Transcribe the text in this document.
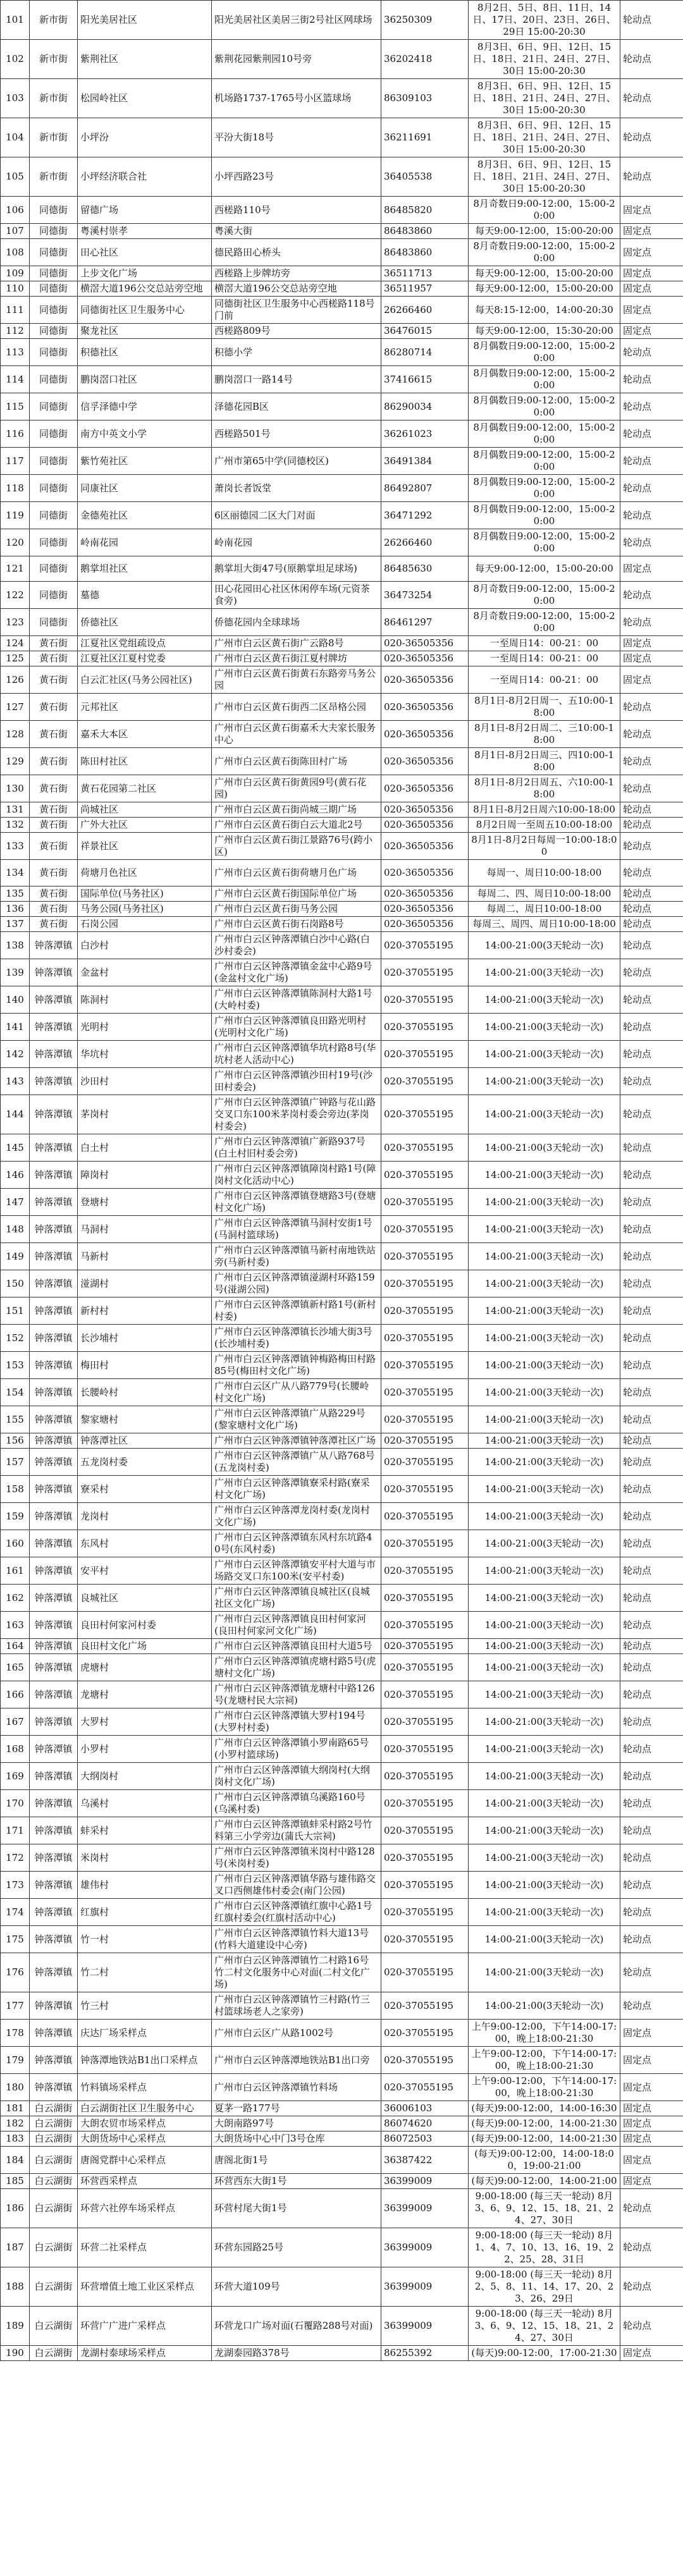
101	新市街	阳光美居社区	阳光美居社区美居三街2号社区网球场	36250309	8月2日、5日、8日、11日、14日、17日、20日、23日、26日、29日 15:00-20:30	轮动点
102	新市街	紫荆社区	紫荆花园紫荆园10号旁	36202418	8月3日、6日、9日、12日、15日、18日、21日、24日、27日、30日 15:00-20:30	轮动点
103	新市街	松园岭社区	机场路1737-1765号小区篮球场	86309103	8月3日、6日、9日、12日、15日、18日、21日、24日、27日、30日 15:00-20:30	轮动点
104	新市街	小坪汾	平汾大街18号	36211691	8月3日、6日、9日、12日、15日、18日、21日、24日、27日、30日 15:00-20:30	轮动点
105	新市街	小坪经济联合社	小坪西路23号	36405538	8月3日、6日、9日、12日、15日、18日、21日、24日、27日、30日 15:00-20:30	轮动点
106	同德街	留德广场	西槎路110号	86485820	8月奇数日9:00-12:00，15:00-20:00	固定点
107	同德街	粤溪村崇孝	粤溪大街	86483860	每天9:00-12:00，15:00-20:00	固定点
108	同德街	田心社区	德民路田心桥头	86483860	8月奇数日9:00-12:00，15:00-20:00	固定点
109	同德街	上步文化广场	西槎路上步牌坊旁	36511713	每天9:00-12:00，15:00-20:00	固定点
110	同德街	横滘大道196公交总站旁空地	横滘大道196公交总站旁空地	36511957	每天9:00-12:00，15:00-20:00	固定点
111	同德街	同德街社区卫生服务中心	同德街社区卫生服务中心西槎路118号门前	26266460	每天8:15-12:00，14:00-20:30	固定点
112	同德街	聚龙社区	西槎路809号	36476015	每天9:00-12:00，15:30-20:00	固定点
113	同德街	积德社区	积德小学	86280714	8月偶数日9:00-12:00，15:00-20:00	轮动点
114	同德街	鹏岗滘口社区	鹏岗滘口一路14号	37416615	8月偶数日9:00-12:00，15:00-20:00	轮动点
115	同德街	信孚泽德中学	泽德花园B区	86290034	8月偶数日9:00-12:00，15:00-20:00	轮动点
116	同德街	南方中英文小学	西槎路501号	36261023	8月偶数日9:00-12:00，15:00-20:00	轮动点
117	同德街	紫竹苑社区	广州市第65中学(同德校区)	36491384	8月偶数日9:00-12:00，15:00-20:00	轮动点
118	同德街	同康社区	萧岗长者饭堂	86492807	8月偶数日9:00-12:00，15:00-20:00	轮动点
119	同德街	金德苑社区	6区丽德园二区大门对面	36471292	8月偶数日9:00-12:00，15:00-20:00	轮动点
120	同德街	岭南花园	岭南花园	26266460	8月偶数日9:00-12:00，15:00-20:00	轮动点
121	同德街	鹅掌坦社区	鹅掌坦大街47号(原鹅掌坦足球场)	86485630	每天9:00-12:00，15:00-20:00	固定点
122	同德街	墓德	田心花园田心社区休闲停车场(元资茶食旁)	36473254	8月奇数日9:00-12:00，15:00-20:00	轮动点
123	同德街	侨德社区	侨德花园内全球球场	86461297	8月奇数日9:00-12:00，15:00-20:00	轮动点
124	黄石街	江夏社区党组疏设点	广州市白云区黄石街广云路8号	020-36505356	一至周日14：00-21：00	固定点
125	黄石街	江夏社区江夏村党委	广州市白云区黄石街江夏村牌坊	020-36505356	一至周日14：00-21：00	固定点
126	黄石街	白云汇社区(马务公园社区)	广州市白云区黄石街黄石东路旁马务公园	020-36505356	一至周日14：00-21：00	固定点
127	黄石街	元邦社区	广州市白云区黄石街西二区昂格公园	020-36505356	8月1日-8月2日周一、五10:00-18:00	轮动点
128	黄石街	嘉禾大本区	广州市白云区黄石街嘉禾大夫家长服务中心	020-36505356	8月1日-8月2日周二、三10:00-18:00	轮动点
129	黄石街	陈田村社区	广州市白云区黄石街陈田村广场	020-36505356	8月1日-8月2日周三、四10:00-18:00	轮动点
130	黄石街	黄石花园第二社区	广州市白云区黄石街黄园9号(黄石花园)	020-36505356	8月1日-8月2日周五、六10:00-18:00	轮动点
131	黄石街	尚城社区	广州市白云区黄石街尚城三期广场	020-36505356	8月1日-8月2日周六10:00-18:00	轮动点
132	黄石街	广外大社区	广州市白云区黄石街白云大道北2号	020-36505356	8月2日周一至周五10:00-18:00	轮动点
133	黄石街	祥景社区	广州市白云区黄石街江景路76号(跨小区)	020-36505356	8月1日-8月2日每周一10:00-18:00	轮动点
134	黄石街	荷塘月色社区	广州市白云区黄石街荷塘月色广场	020-36505356	每周一、周日10:00-18:00	轮动点
135	黄石街	国际单位(马务社区)	广州市白云区黄石街国际单位广场	020-36505356	每周二、四、周日10:00-18:00	轮动点
136	黄石街	马务公园(马务社区)	广州市白云区黄石街马务公园	020-36505356	每周二、周日10:00-18:00	轮动点
137	黄石街	石岗公园	广州市白云区黄石街石岗路8号	020-36505356	每周三、周四、周日10:00-18:00	轮动点
138	钟落潭镇	白沙村	广州市白云区钟落潭镇白沙中心路(白沙村委会)	020-37055195	14:00-21:00(3天轮动一次)	轮动点
139	钟落潭镇	金盆村	广州市白云区钟落潭镇金盆中心路9号(金盆村文化广场)	020-37055195	14:00-21:00(3天轮动一次)	轮动点
140	钟落潭镇	陈洞村	广州市白云区钟落潭镇陈洞村大路1号(大岭村委)	020-37055195	14:00-21:00(3天轮动一次)	轮动点
141	钟落潭镇	光明村	广州市白云区钟落潭镇良田路光明村(光明村文化广场)	020-37055195	14:00-21:00(3天轮动一次)	轮动点
142	钟落潭镇	华坑村	广州市白云区钟落潭镇华坑村路8号(华坑村老人活动中心)	020-37055195	14:00-21:00(3天轮动一次)	轮动点
143	钟落潭镇	沙田村	广州市白云区钟落潭镇沙田村19号(沙田村委会)	020-37055195	14:00-21:00(3天轮动一次)	轮动点
144	钟落潭镇	茅岗村	广州市白云区钟落潭镇广钟路与花山路交叉口东100米茅岗村委会旁边(茅岗村委会)	020-37055195	14:00-21:00(3天轮动一次)	轮动点
145	钟落潭镇	白土村	广州市白云区钟落潭镇广新路937号(白土村旧村委会旁)	020-37055195	14:00-21:00(3天轮动一次)	轮动点
146	钟落潭镇	障岗村	广州市白云区钟落潭镇障岗村路1号(障岗村文化活动中心)	020-37055195	14:00-21:00(3天轮动一次)	轮动点
147	钟落潭镇	登塘村	广州市白云区钟落潭镇登塘路3号(登塘村文化广场)	020-37055195	14:00-21:00(3天轮动一次)	轮动点
148	钟落潭镇	马洞村	广州市白云区钟落潭镇马洞村安街1号(马洞村篮球场)	020-37055195	14:00-21:00(3天轮动一次)	轮动点
149	钟落潭镇	马新村	广州市白云区钟落潭镇马新村南地铁站旁(马新村委)	020-37055195	14:00-21:00(3天轮动一次)	轮动点
150	钟落潭镇	湴湖村	广州市白云区钟落潭镇湴湖村环路159号(湴湖公园)	020-37055195	14:00-21:00(3天轮动一次)	轮动点
151	钟落潭镇	新村村	广州市白云区钟落潭镇新村路1号(新村村委)	020-37055195	14:00-21:00(3天轮动一次)	轮动点
152	钟落潭镇	长沙埔村	广州市白云区钟落潭镇长沙埔大街3号(长沙埔村委)	020-37055195	14:00-21:00(3天轮动一次)	轮动点
153	钟落潭镇	梅田村	广州市白云区钟落潭镇钟梅路梅田村路85号(梅田村文化广场)	020-37055195	14:00-21:00(3天轮动一次)	轮动点
154	钟落潭镇	长腰岭村	广州市白云区广从八路779号(长腰岭村文化广场)	020-37055195	14:00-21:00(3天轮动一次)	轮动点
155	钟落潭镇	黎家塘村	广州市白云区钟落潭镇广从路229号(黎家塘村文化广场)	020-37055195	14:00-21:00(3天轮动一次)	轮动点
156	钟落潭镇	钟落潭社区	广州市白云区钟落潭镇钟落潭社区广场	020-37055195	14:00-21:00(3天轮动一次)	轮动点
157	钟落潭镇	五龙岗村委	广州市白云区钟落潭镇广从八路768号(五龙岗村委)	020-37055195	14:00-21:00(3天轮动一次)	轮动点
158	钟落潭镇	寮采村	广州市白云区钟落潭镇寮采村路(寮采村文化广场)	020-37055195	14:00-21:00(3天轮动一次)	轮动点
159	钟落潭镇	龙岗村	广州市白云区钟落潭龙岗村委(龙岗村文化广场)	020-37055195	14:00-21:00(3天轮动一次)	轮动点
160	钟落潭镇	东风村	广州市白云区钟落潭镇东风村东坑路40号(东风村委)	020-37055195	14:00-21:00(3天轮动一次)	轮动点
161	钟落潭镇	安平村	广州市白云区钟落潭镇安平村大道与市场路交叉口东100米(安平村委)	020-37055195	14:00-21:00(3天轮动一次)	轮动点
162	钟落潭镇	良城社区	广州市白云区钟落潭镇良城社区(良城社区文化广场)	020-37055195	14:00-21:00(3天轮动一次)	轮动点
163	钟落潭镇	良田村何家河村委	广州市白云区钟落潭镇良田村何家河(良田村何家河文化广场)	020-37055195	14:00-21:00(3天轮动一次)	轮动点
164	钟落潭镇	良田村文化广场	广州市白云区钟落潭镇良田村大道5号	020-37055195	14:00-21:00(3天轮动一次)	轮动点
165	钟落潭镇	虎塘村	广州市白云区钟落潭镇虎塘村路5号(虎塘村文化广场)	020-37055195	14:00-21:00(3天轮动一次)	轮动点
166	钟落潭镇	龙塘村	广州市白云区钟落潭镇龙塘村中路126号(龙塘村民大宗祠)	020-37055195	14:00-21:00(3天轮动一次)	轮动点
167	钟落潭镇	大罗村	广州市白云区钟落潭镇大罗村194号(大罗村村委)	020-37055195	14:00-21:00(3天轮动一次)	轮动点
168	钟落潭镇	小罗村	广州市白云区钟落潭镇小罗南路65号(小罗村篮球场)	020-37055195	14:00-21:00(3天轮动一次)	轮动点
169	钟落潭镇	大纲岗村	广州市白云区钟落潭镇大纲岗村(大纲岗村文化广场)	020-37055195	14:00-21:00(3天轮动一次)	轮动点
170	钟落潭镇	乌溪村	广州市白云区钟落潭镇乌溪路160号(乌溪村委)	020-37055195	14:00-21:00(3天轮动一次)	轮动点
171	钟落潭镇	蚌采村	广州市白云区钟落潭镇蚌采村路2号竹料第三小学旁边(蒲氏大宗祠)	020-37055195	14:00-21:00(3天轮动一次)	轮动点
172	钟落潭镇	米岗村	广州市白云区钟落潭镇米岗村中路128号(米岗村委)	020-37055195	14:00-21:00(3天轮动一次)	轮动点
173	钟落潭镇	雄伟村	广州市白云区钟落潭镇华路与雄伟路交叉口西侧雄伟村委会(南门公园)	020-37055195	14:00-21:00(3天轮动一次)	轮动点
174	钟落潭镇	红旗村	广州市白云区钟落潭镇红旗中心路1号红旗村委会(红旗村活动中心)	020-37055195	14:00-21:00(3天轮动一次)	轮动点
175	钟落潭镇	竹一村	广州市白云区钟落潭镇竹料大道13号(竹料大道建设中心旁)	020-37055195	14:00-21:00(3天轮动一次)	轮动点
176	钟落潭镇	竹二村	广州市白云区钟落潭镇竹二村路16号竹二村文化服务中心对面(二村文化广场)	020-37055195	14:00-21:00(3天轮动一次)	轮动点
177	钟落潭镇	竹三村	广州市白云区钟落潭镇竹三村路(竹三村篮球场老人之家旁)	020-37055195	14:00-21:00(3天轮动一次)	轮动点
178	钟落潭镇	庆达厂场采样点	广州市白云区广从路1002号	020-37055195	上午9:00-12:00，下午14:00-17:00，晚上18:00-21:30	固定点
179	钟落潭镇	钟落潭地铁站B1出口采样点	广州市白云区钟落潭地铁站B1出口旁	020-37055195	上午9:00-12:00，下午14:00-17:00，晚上18:00-21:30	固定点
180	钟落潭镇	竹料镇场采样点	广州市白云区钟落潭镇竹料场	020-37055195	上午9:00-12:00，下午14:00-17:00，晚上18:00-21:30	固定点
181	白云湖街	白云湖街社区卫生服务中心	夏茅一路177号	36006103	(每天)9:00-12:00，14:00-16:30	固定点
182	白云湖街	大朗农贸市场采样点	大朗南路97号	86074620	(每天)9:00-12:00，14:00-21:30	固定点
183	白云湖街	大朗货场中心采样点	大朗货场中心中门3号仓库	86072503	(每天)9:00-12:00，14:00-21:30	固定点
184	白云湖街	唐阁党群中心采样点	唐阁北街1号	36387422	(每天)9:00-12:00，14:00-18:00，19:00-21:00	固定点
185	白云湖街	环营西采样点	环营西东大街1号	36399009	(每天)9:00-12:00，14:00-21:00	固定点
186	白云湖街	环营六社停车场采样点	环营村尾大街1号	36399009	9:00-18:00 (每三天一轮动) 8月3、6、9、12、15、18、21、24、27、30日	轮动点
187	白云湖街	环营二社采样点	环营东园路25号	36399009	9:00-18:00 (每三天一轮动) 8月1、4、7、10、13、16、19、22、25、28、31日	轮动点
188	白云湖街	环营增值土地工业区采样点	环营大道109号	36399009	9:00-18:00 (每三天一轮动) 8月2、5、8、11、14、17、20、23、26、29日	轮动点
189	白云湖街	环营广广进广采样点	环营龙口广场对面(石覆路288号对面)	36399009	9:00-18:00 (每三天一轮动) 8月3、6、9、12、15、18、21、24、27、30日	轮动点
190	白云湖街	龙湖村泰球场采样点	龙湖泰园路378号	86255392	(每天)9:00-12:00，17:00-21:30	固定点
